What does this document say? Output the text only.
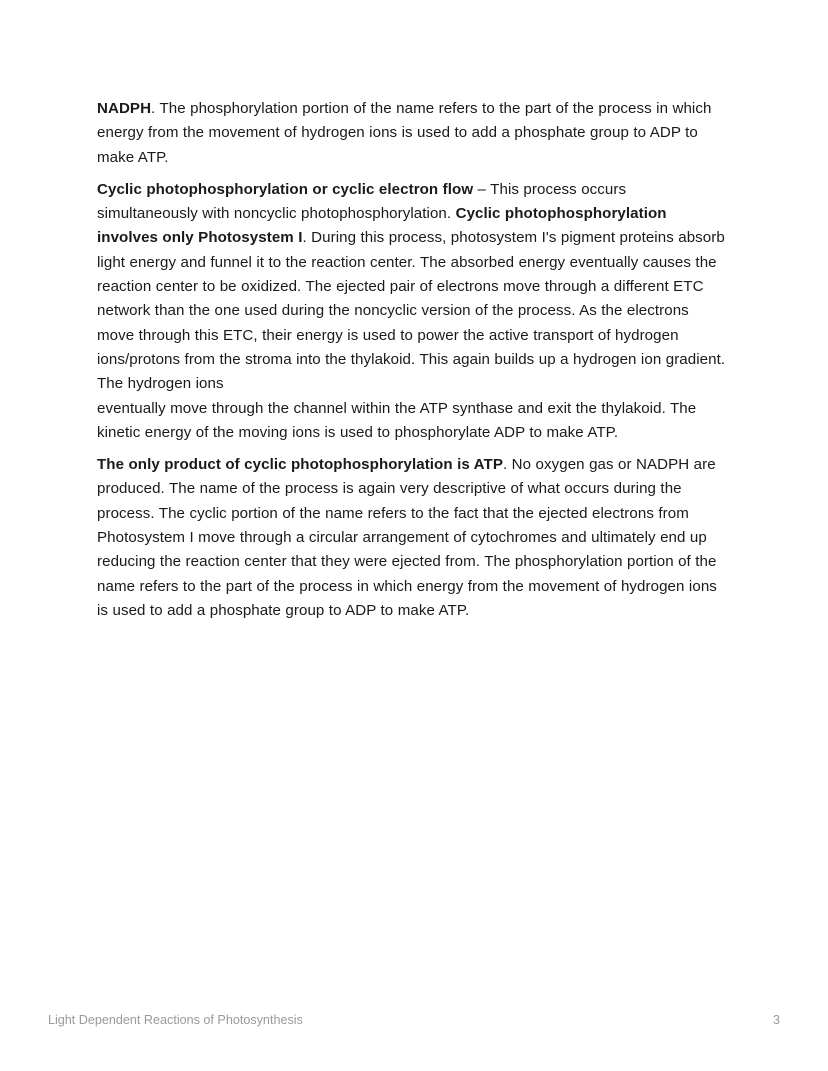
NADPH. The phosphorylation portion of the name refers to the part of the process in which energy from the movement of hydrogen ions is used to add a phosphate group to ADP to make ATP.

Cyclic photophosphorylation or cyclic electron flow – This process occurs simultaneously with noncyclic photophosphorylation. Cyclic photophosphorylation involves only Photosystem I. During this process, photosystem I's pigment proteins absorb light energy and funnel it to the reaction center. The absorbed energy eventually causes the reaction center to be oxidized. The ejected pair of electrons move through a different ETC network than the one used during the noncyclic version of the process. As the electrons move through this ETC, their energy is used to power the active transport of hydrogen ions/protons from the stroma into the thylakoid. This again builds up a hydrogen ion gradient. The hydrogen ions
eventually move through the channel within the ATP synthase and exit the thylakoid. The kinetic energy of the moving ions is used to phosphorylate ADP to make ATP.

The only product of cyclic photophosphorylation is ATP. No oxygen gas or NADPH are produced. The name of the process is again very descriptive of what occurs during the process. The cyclic portion of the name refers to the fact that the ejected electrons from Photosystem I move through a circular arrangement of cytochromes and ultimately end up reducing the reaction center that they were ejected from. The phosphorylation portion of the name refers to the part of the process in which energy from the movement of hydrogen ions is used to add a phosphate group to ADP to make ATP.

Light Dependent Reactions of Photosynthesis	3
